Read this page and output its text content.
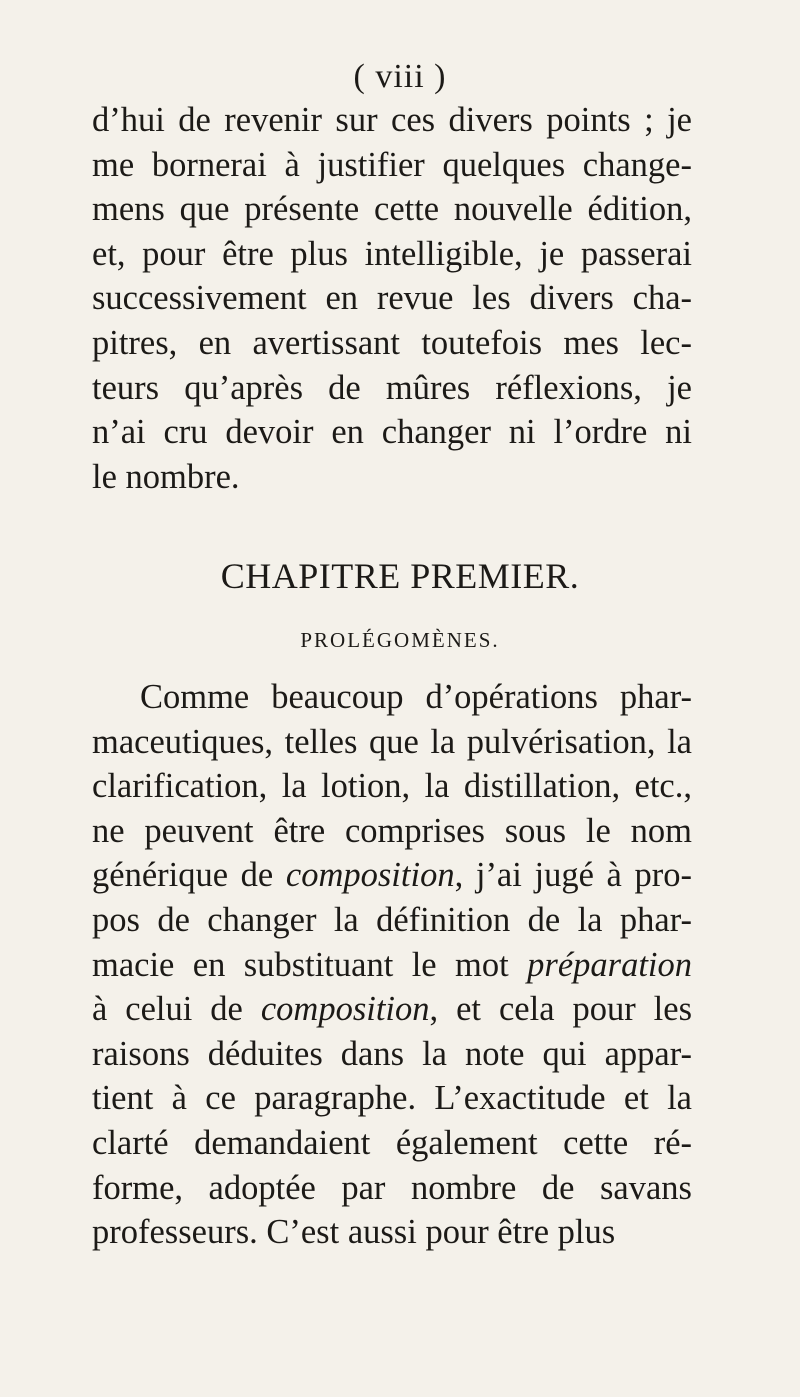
( viii )
d’hui de revenir sur ces divers points ; je
me bornerai à justifier quelques change-
mens que présente cette nouvelle édition,
et, pour être plus intelligible, je passerai
successivement en revue les divers cha-
pitres, en avertissant toutefois mes lec-
teurs qu’après de mûres réflexions, je
n’ai cru devoir en changer ni l’ordre ni
le nombre.
CHAPITRE PREMIER.
PROLÉGOMÈNES.
Comme beaucoup d’opérations phar-
maceutiques, telles que la pulvérisation, la
clarification, la lotion, la distillation, etc.,
ne peuvent être comprises sous le nom
générique de composition, j’ai jugé à pro-
pos de changer la définition de la phar-
macie en substituant le mot préparation
à celui de composition, et cela pour les
raisons déduites dans la note qui appar-
tient à ce paragraphe. L’exactitude et la
clarté demandaient également cette ré-
forme, adoptée par nombre de savans
professeurs. C’est aussi pour être plus
